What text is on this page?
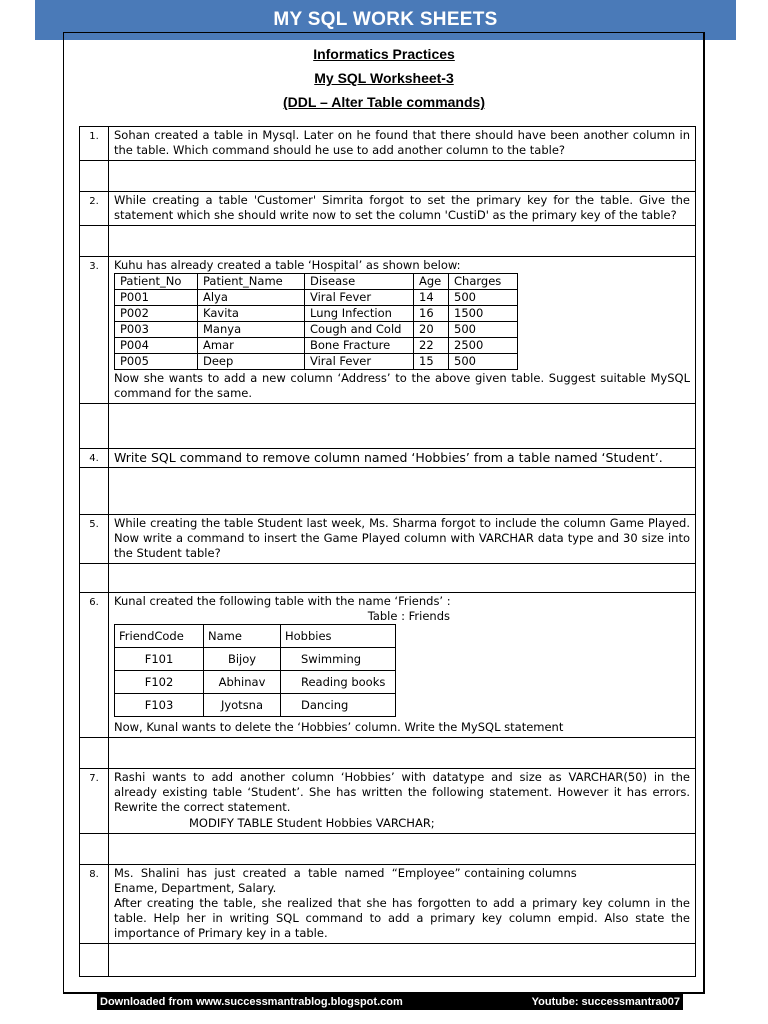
MY SQL WORK SHEETS
Informatics Practices
My SQL Worksheet-3
(DDL – Alter Table commands)
1.	Sohan created a table in Mysql. Later on he found that there should have been another column in the table. Which command should he use to add another column to the table?

2.	While creating a table 'Customer' Simrita forgot to set the primary key for the table. Give the statement which she should write now to set the column 'CustiD' as the primary key of the table?

3.	Kuhu has already created a table ‘Hospital’ as shown below:
Patient_No	Patient_Name	Disease	Age	Charges
P001	Alya	Viral Fever	14	500
P002	Kavita	Lung Infection	16	1500
P003	Manya	Cough and Cold	20	500
P004	Amar	Bone Fracture	22	2500
P005	Deep	Viral Fever	15	500
Now she wants to add a new column ‘Address’ to the above given table. Suggest suitable MySQL command for the same.

4.	Write SQL command to remove column named ‘Hobbies’ from a table named ‘Student’.

5.	While creating the table Student last week, Ms. Sharma forgot to include the column Game Played. Now write a command to insert the Game Played column with VARCHAR data type and 30 size into the Student table?

6.	Kunal created the following table with the name ‘Friends’ :
Table : Friends
FriendCode	Name	Hobbies
F101	Bijoy	Swimming
F102	Abhinav	Reading books
F103	Jyotsna	Dancing
Now, Kunal wants to delete the ‘Hobbies’ column. Write the MySQL statement

7.	Rashi wants to add another column ‘Hobbies’ with datatype and size as VARCHAR(50) in the already existing table ‘Student’. She has written the following statement. However it has errors. Rewrite the correct statement.
MODIFY TABLE Student Hobbies VARCHAR;

8.	Ms.  Shalini  has  just  created  a  table  named  “Employee” containing columns
Ename, Department, Salary.
After creating the table, she realized that she has forgotten to add a primary key column in the table. Help her in writing SQL command to add a primary key column empid. Also state the importance of Primary key in a table.

Downloaded from www.successmantrablog.blogspot.com	Youtube: successmantra007
